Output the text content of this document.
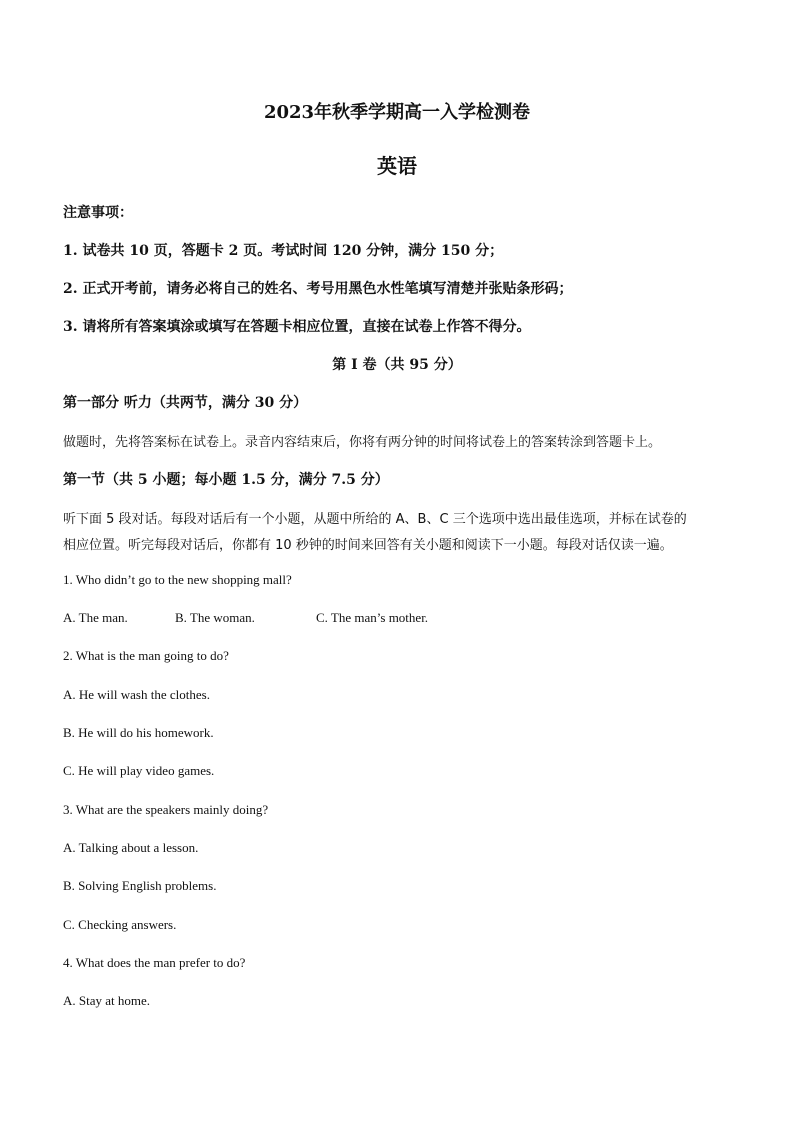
2023年秋季学期高一入学检测卷
英语
注意事项：
1. 试卷共 10 页，答题卡 2 页。考试时间 120 分钟，满分 150 分；
2. 正式开考前，请务必将自己的姓名、考号用黑色水性笔填写清楚并张贴条形码；
3. 请将所有答案填涂或填写在答题卡相应位置，直接在试卷上作答不得分。
第 I 卷（共 95 分）
第一部分 听力（共两节，满分 30 分）
做题时，先将答案标在试卷上。录音内容结束后，你将有两分钟的时间将试卷上的答案转涂到答题卡上。
第一节（共 5 小题；每小题 1.5 分，满分 7.5 分）
听下面 5 段对话。每段对话后有一个小题，从题中所给的 A、B、C 三个选项中选出最佳选项，并标在试卷的
相应位置。听完每段对话后，你都有 10 秒钟的时间来回答有关小题和阅读下一小题。每段对话仅读一遍。
1. Who didn’t go to the new shopping mall?
A. The man.	B. The woman.	C. The man’s mother.
2. What is the man going to do?
A. He will wash the clothes.
B. He will do his homework.
C. He will play video games.
3. What are the speakers mainly doing?
A. Talking about a lesson.
B. Solving English problems.
C. Checking answers.
4. What does the man prefer to do?
A. Stay at home.
